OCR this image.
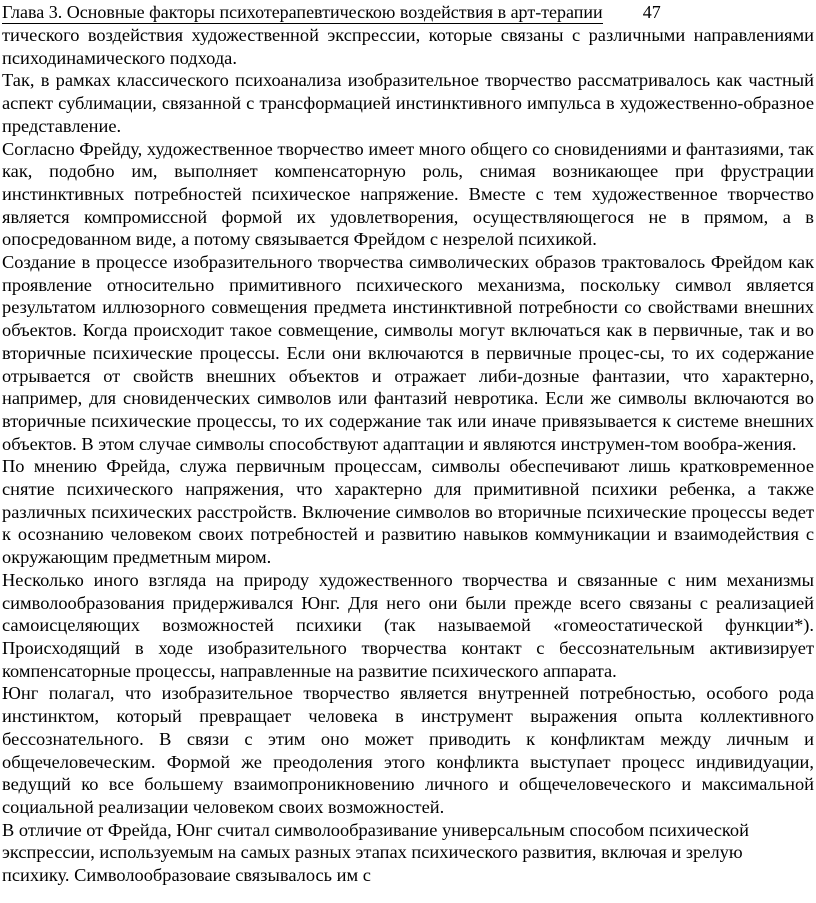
Глава 3. Основные факторы психотерапевтическою воздействия в арт-терапии 47

тического воздействия художественной экспрессии, которые связаны с различными направлениями психодинамического подхода.

Так, в рамках классического психоанализа изобразительное творчество рассматривалось как частный аспект сублимации, связанной с трансформацией инстинктивного импульса в художественно-образное представление.

Согласно Фрейду, художественное творчество имеет много общего со сновидениями и фантазиями, так как, подобно им, выполняет компенсаторную роль, снимая возникающее при фрустрации инстинктивных потребностей психическое напряжение. Вместе с тем художественное творчество является компромиссной формой их удовлетворения, осуществляющегося не в прямом, а в опосредованном виде, а потому связывается Фрейдом с незрелой психикой.

Создание в процессе изобразительного творчества символических образов трактовалось Фрейдом как проявление относительно примитивного психического механизма, поскольку символ является результатом иллюзорного совмещения предмета инстинктивной потребности со свойствами внешних объектов. Когда происходит такое совмещение, символы могут включаться как в первичные, так и во вторичные психические процессы. Если они включаются в первичные процес-сы, то их содержание отрывается от свойств внешних объектов и отражает либи-дозные фантазии, что характерно, например, для сновиденческих символов или фантазий невротика. Если же символы включаются во вторичные психические процессы, то их содержание так или иначе привязывается к системе внешних объектов. В этом случае символы способствуют адаптации и являются инструмен-том вообра-жения.

По мнению Фрейда, служа первичным процессам, символы обеспечивают лишь кратковременное снятие психического напряжения, что характерно для примитивной психики ребенка, а также различных психических расстройств. Включение символов во вторичные психические процессы ведет к осознанию человеком своих потребностей и развитию навыков коммуникации и взаимодействия с окружающим предметным миром.

Несколько иного взгляда на природу художественного творчества и связанные с ним механизмы символообразования придерживался Юнг. Для него они были прежде всего связаны с реализацией самоисцеляющих возможностей психики (так называемой «гомеостатической функции*). Происходящий в ходе изобразительного творчества контакт с бессознательным активизирует компенсаторные процессы, направленные на развитие психического аппарата.

Юнг полагал, что изобразительное творчество является внутренней потребностью, особого рода инстинктом, который превращает человека в инструмент выражения опыта коллективного бессознательного. В связи с этим оно может приводить к конфликтам между личным и общечеловеческим. Формой же преодоления этого конфликта выступает процесс индивидуации, ведущий ко все большему взаимопроникновению личного и общечеловеческого и максимальной социальной реализации человеком своих возможностей.

В отличие от Фрейда, Юнг считал символообразивание универсальным способом психической экспрессии, используемым на самых разных этапах психического развития, включая и зрелую психику. Символообразоваие связывалось им с
